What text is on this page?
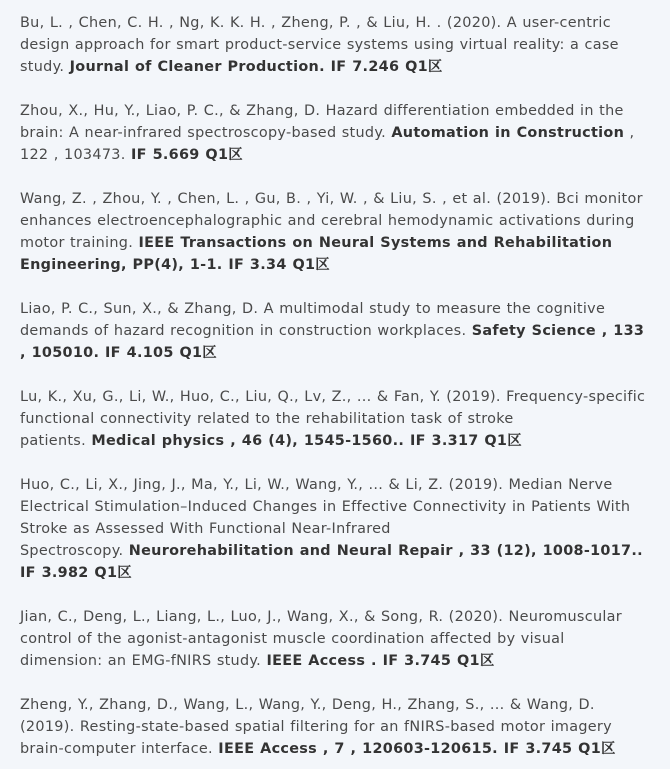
Bu, L. , Chen, C. H. , Ng, K. K. H. , Zheng, P. , & Liu, H. . (2020). A user-centric design approach for smart product-service systems using virtual reality: a case study. Journal of Cleaner Production. IF 7.246 Q1区

Zhou, X., Hu, Y., Liao, P. C., & Zhang, D. Hazard differentiation embedded in the brain: A near-infrared spectroscopy-based study. Automation in Construction , 122 , 103473. IF 5.669 Q1区

Wang, Z. , Zhou, Y. , Chen, L. , Gu, B. , Yi, W. , & Liu, S. , et al. (2019). Bci monitor enhances electroencephalographic and cerebral hemodynamic activations during motor training. IEEE Transactions on Neural Systems and Rehabilitation Engineering, PP(4), 1-1. IF 3.34 Q1区

Liao, P. C., Sun, X., & Zhang, D. A multimodal study to measure the cognitive demands of hazard recognition in construction workplaces. Safety Science , 133 , 105010. IF 4.105 Q1区

Lu, K., Xu, G., Li, W., Huo, C., Liu, Q., Lv, Z., ... & Fan, Y. (2019). Frequency-specific functional connectivity related to the rehabilitation task of stroke
patients. Medical physics , 46 (4), 1545-1560.. IF 3.317 Q1区

Huo, C., Li, X., Jing, J., Ma, Y., Li, W., Wang, Y., ... & Li, Z. (2019). Median Nerve Electrical Stimulation–Induced Changes in Effective Connectivity in Patients With Stroke as Assessed With Functional Near-Infrared
Spectroscopy. Neurorehabilitation and Neural Repair , 33 (12), 1008-1017.. IF 3.982 Q1区

Jian, C., Deng, L., Liang, L., Luo, J., Wang, X., & Song, R. (2020). Neuromuscular control of the agonist-antagonist muscle coordination affected by visual dimension: an EMG-fNIRS study. IEEE Access . IF 3.745 Q1区

Zheng, Y., Zhang, D., Wang, L., Wang, Y., Deng, H., Zhang, S., ... & Wang, D. (2019). Resting-state-based spatial filtering for an fNIRS-based motor imagery brain-computer interface. IEEE Access , 7 , 120603-120615. IF 3.745 Q1区
